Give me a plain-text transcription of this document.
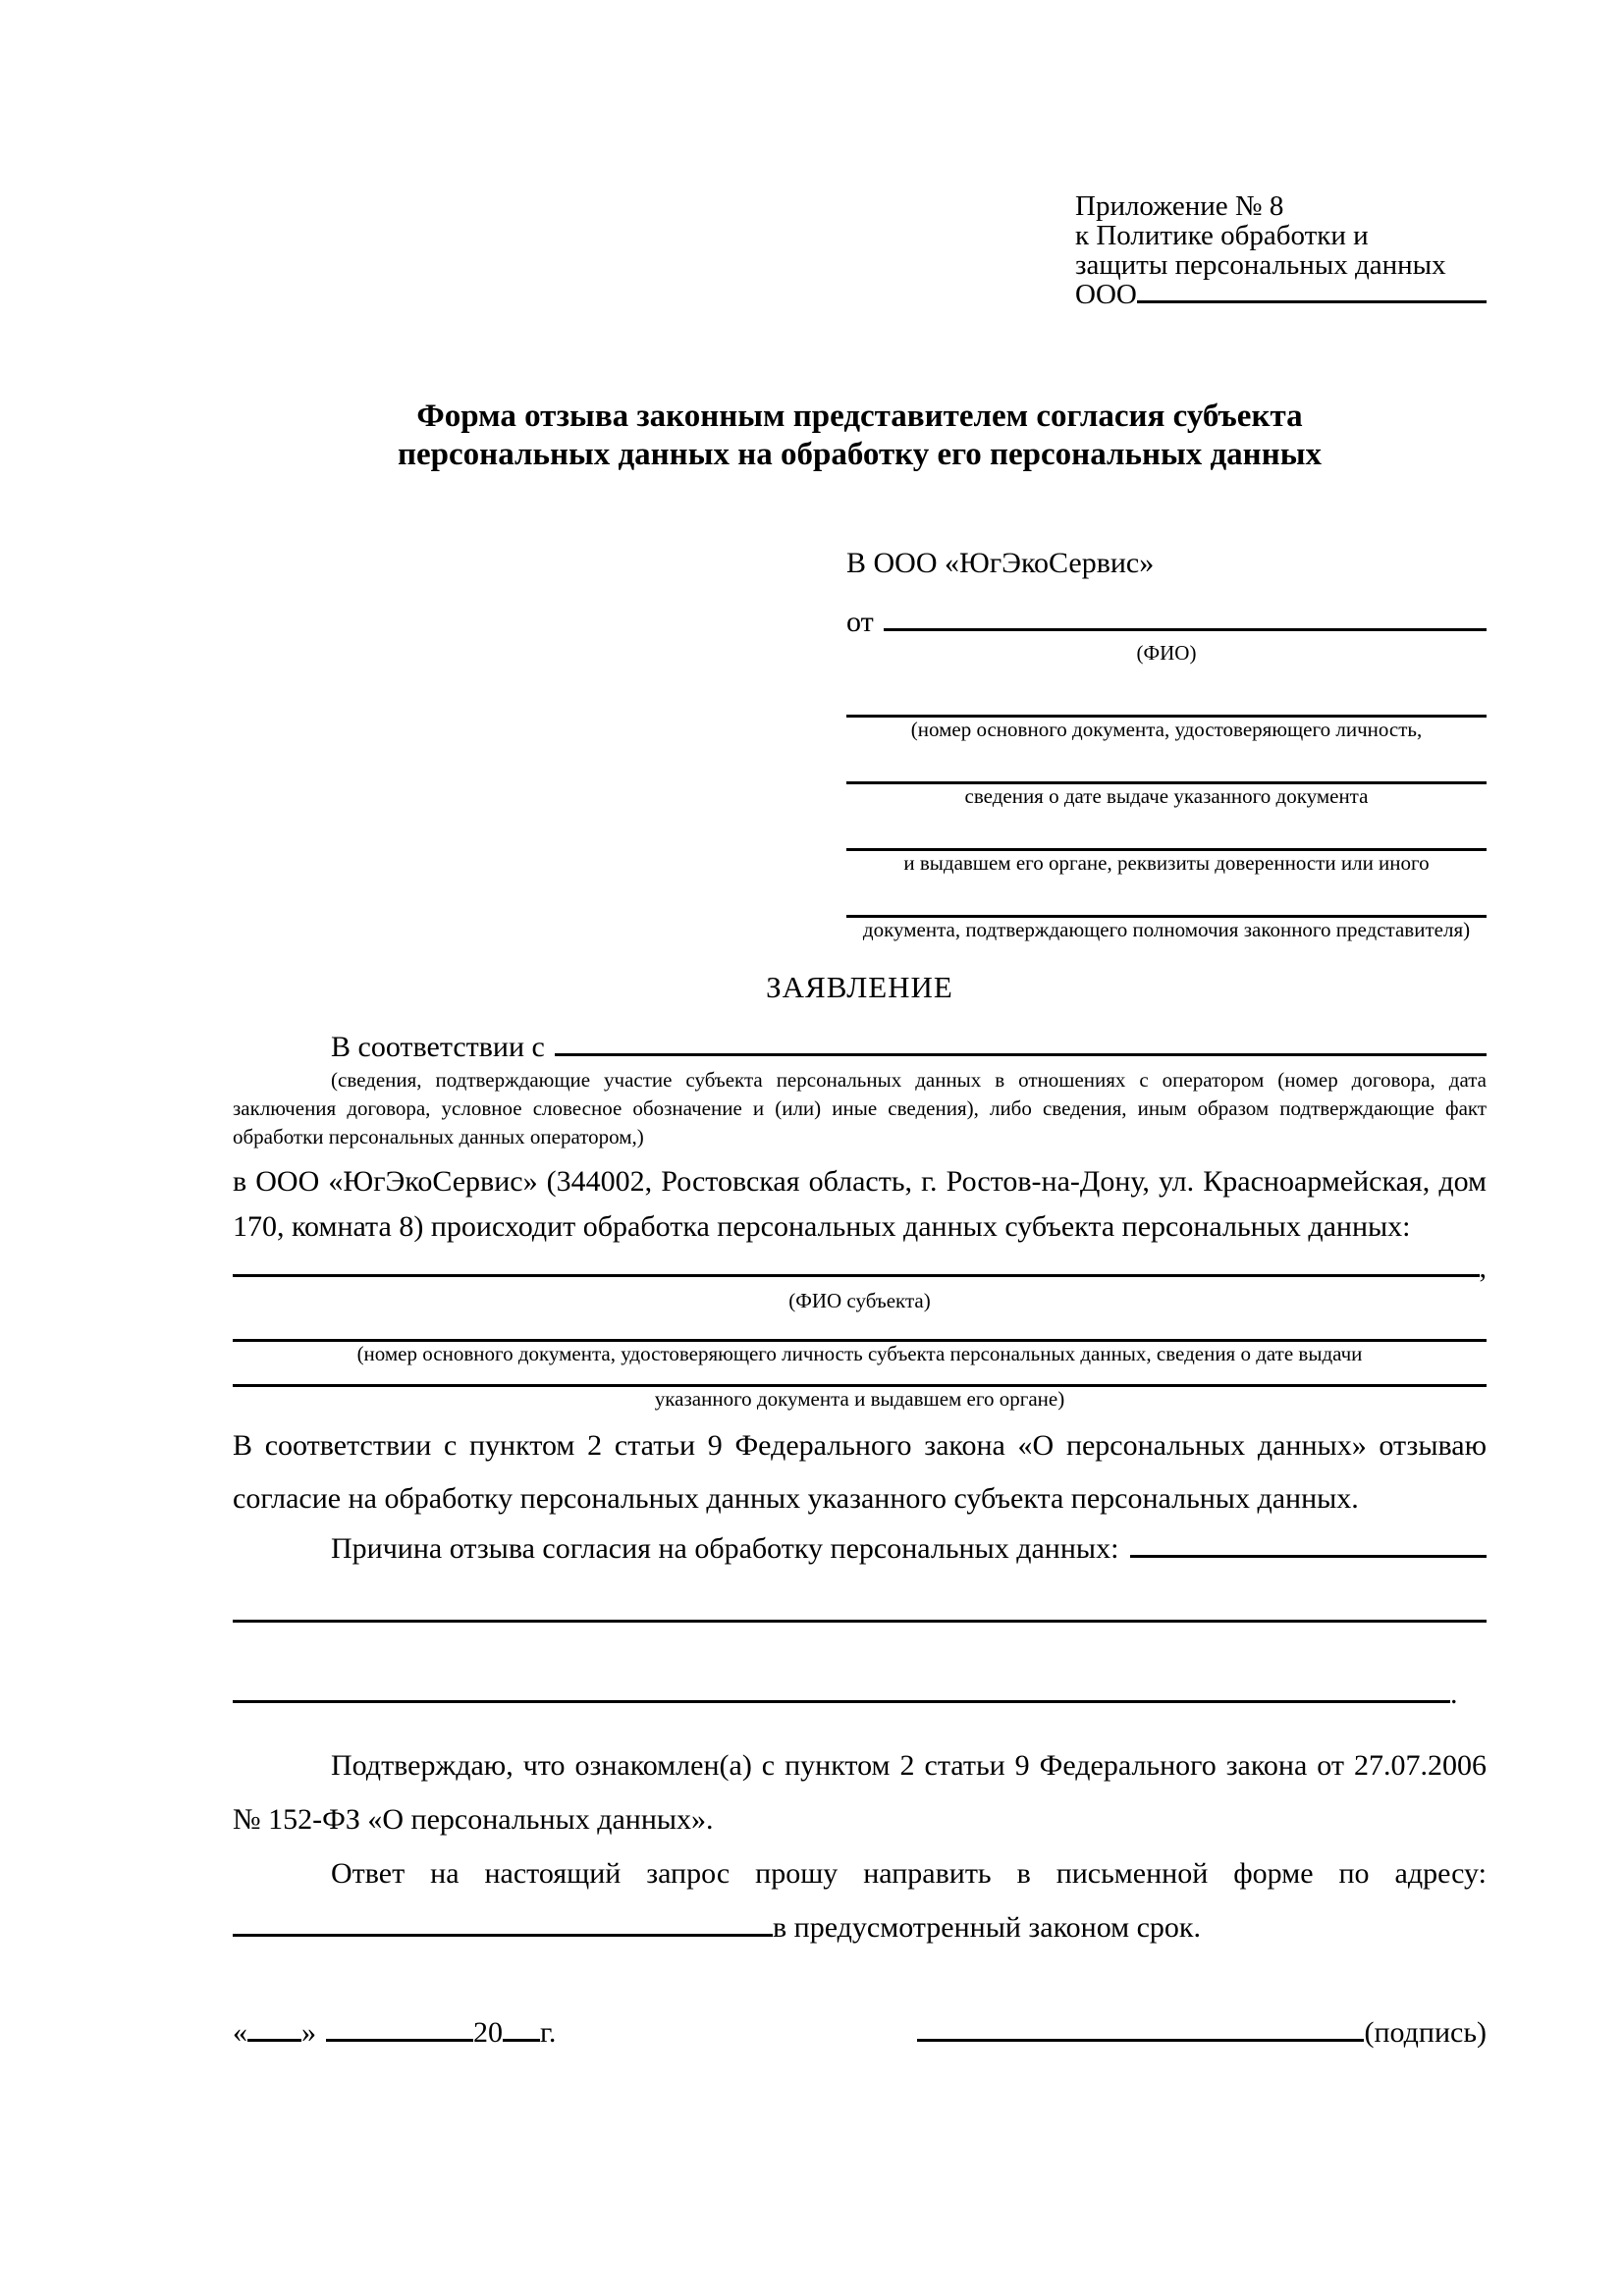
Приложение № 8
к Политике обработки и
защиты персональных данных
ООО
Форма отзыва законным представителем согласия субъекта
персональных данных на обработку его персональных данных
В ООО «ЮгЭкоСервис»
от
(ФИО)
(номер основного документа, удостоверяющего личность,
сведения о дате выдаче указанного документа
и выдавшем его органе, реквизиты доверенности или иного
документа, подтверждающего полномочия законного представителя)
ЗАЯВЛЕНИЕ
В соответствии с
(сведения, подтверждающие участие субъекта персональных данных в отношениях с оператором (номер договора, дата заключения договора, условное словесное обозначение и (или) иные сведения), либо сведения, иным образом подтверждающие факт обработки персональных данных оператором,)
в ООО «ЮгЭкоСервис» (344002, Ростовская область, г. Ростов-на-Дону, ул. Красноармейская, дом 170, комната 8) происходит обработка персональных данных субъекта персональных данных:
,
(ФИО субъекта)
(номер основного документа, удостоверяющего личность субъекта персональных данных, сведения о дате выдачи
указанного документа и выдавшем его органе)
В соответствии с пунктом 2 статьи 9 Федерального закона «О персональных данных» отзываю согласие на обработку персональных данных указанного субъекта персональных данных.
Причина отзыва согласия на обработку персональных данных:
.
Подтверждаю, что ознакомлен(а) с пунктом 2 статьи 9 Федерального закона от 27.07.2006 № 152-ФЗ «О персональных данных».
Ответ на настоящий запрос прошу направить в письменной форме по адресу:
в предусмотренный законом срок.
« »	20 г.	(подпись)
